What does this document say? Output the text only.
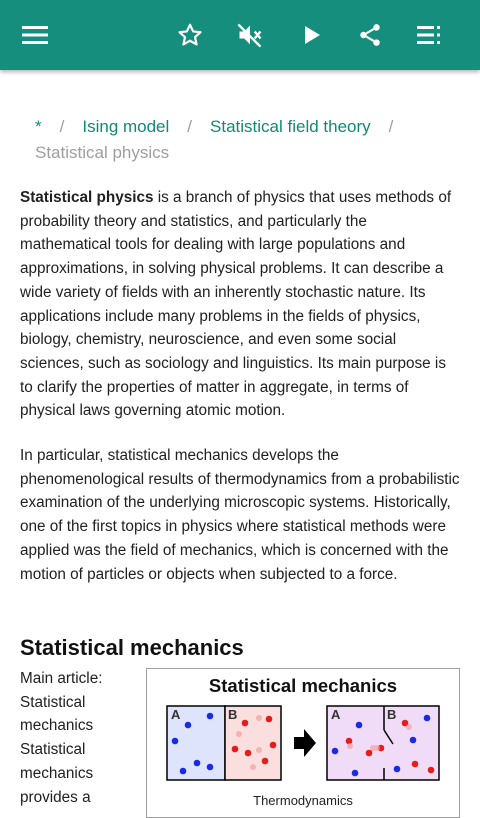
* / Ising model / Statistical field theory /
Statistical physics

Statistical physics is a branch of physics that uses methods of probability theory and statistics, and particularly the mathematical tools for dealing with large populations and approximations, in solving physical problems. It can describe a wide variety of fields with an inherently stochastic nature. Its applications include many problems in the fields of physics, biology, chemistry, neuroscience, and even some social sciences, such as sociology and linguistics. Its main purpose is to clarify the properties of matter in aggregate, in terms of physical laws governing atomic motion.

In particular, statistical mechanics develops the phenomenological results of thermodynamics from a probabilistic examination of the underlying microscopic systems. Historically, one of the first topics in physics where statistical methods were applied was the field of mechanics, which is concerned with the motion of particles or objects when subjected to a force.

Statistical mechanics
Main article:
Statistical mechanics
Statistical mechanics provides a
Statistical mechanics
A	B	A	B
Thermodynamics
